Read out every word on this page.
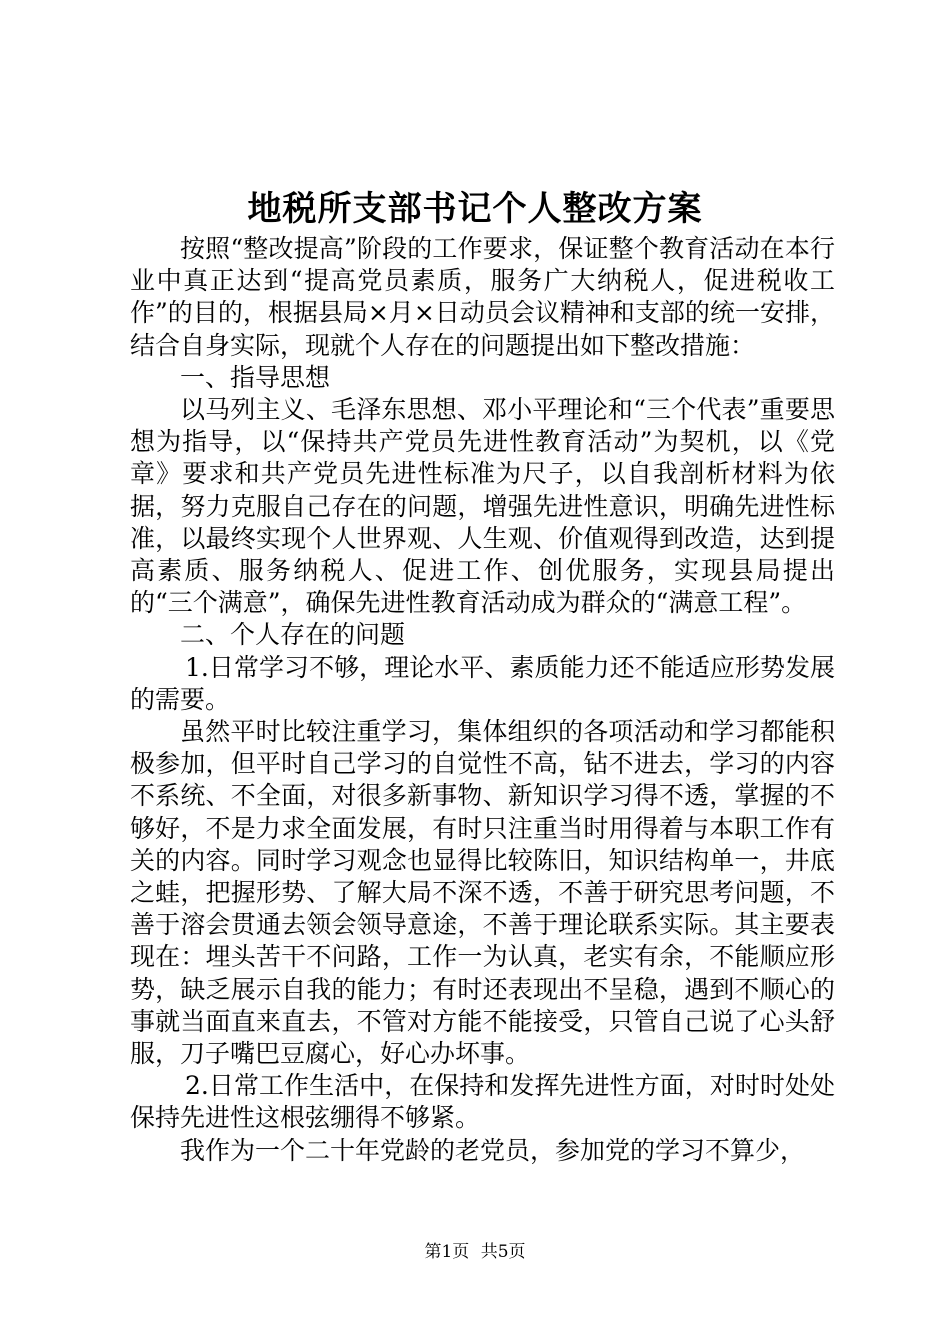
地税所支部书记个人整改方案

按照“整改提高”阶段的工作要求，保证整个教育活动在本行业中真正达到“提高党员素质，服务广大纳税人，促进税收工作”的目的，根据县局×月×日动员会议精神和支部的统一安排，结合自身实际，现就个人存在的问题提出如下整改措施：

一、指导思想

以马列主义、毛泽东思想、邓小平理论和“三个代表”重要思想为指导，以“保持共产党员先进性教育活动”为契机，以《党章》要求和共产党员先进性标准为尺子，以自我剖析材料为依据，努力克服自己存在的问题，增强先进性意识，明确先进性标准，以最终实现个人世界观、人生观、价值观得到改造，达到提高素质、服务纳税人、促进工作、创优服务，实现县局提出的“三个满意”，确保先进性教育活动成为群众的“满意工程”。

二、个人存在的问题

1.日常学习不够，理论水平、素质能力还不能适应形势发展的需要。

虽然平时比较注重学习，集体组织的各项活动和学习都能积极参加，但平时自己学习的自觉性不高，钻不进去，学习的内容不系统、不全面，对很多新事物、新知识学习得不透，掌握的不够好，不是力求全面发展，有时只注重当时用得着与本职工作有关的内容。同时学习观念也显得比较陈旧，知识结构单一，井底之蛙，把握形势、了解大局不深不透，不善于研究思考问题，不善于溶会贯通去领会领导意途，不善于理论联系实际。其主要表现在：埋头苦干不问路，工作一为认真，老实有余，不能顺应形势，缺乏展示自我的能力；有时还表现出不呈稳，遇到不顺心的事就当面直来直去，不管对方能不能接受，只管自己说了心头舒服，刀子嘴巴豆腐心，好心办坏事。

2.日常工作生活中，在保持和发挥先进性方面，对时时处处保持先进性这根弦绷得不够紧。

我作为一个二十年党龄的老党员，参加党的学习不算少，

第1页 共5页
